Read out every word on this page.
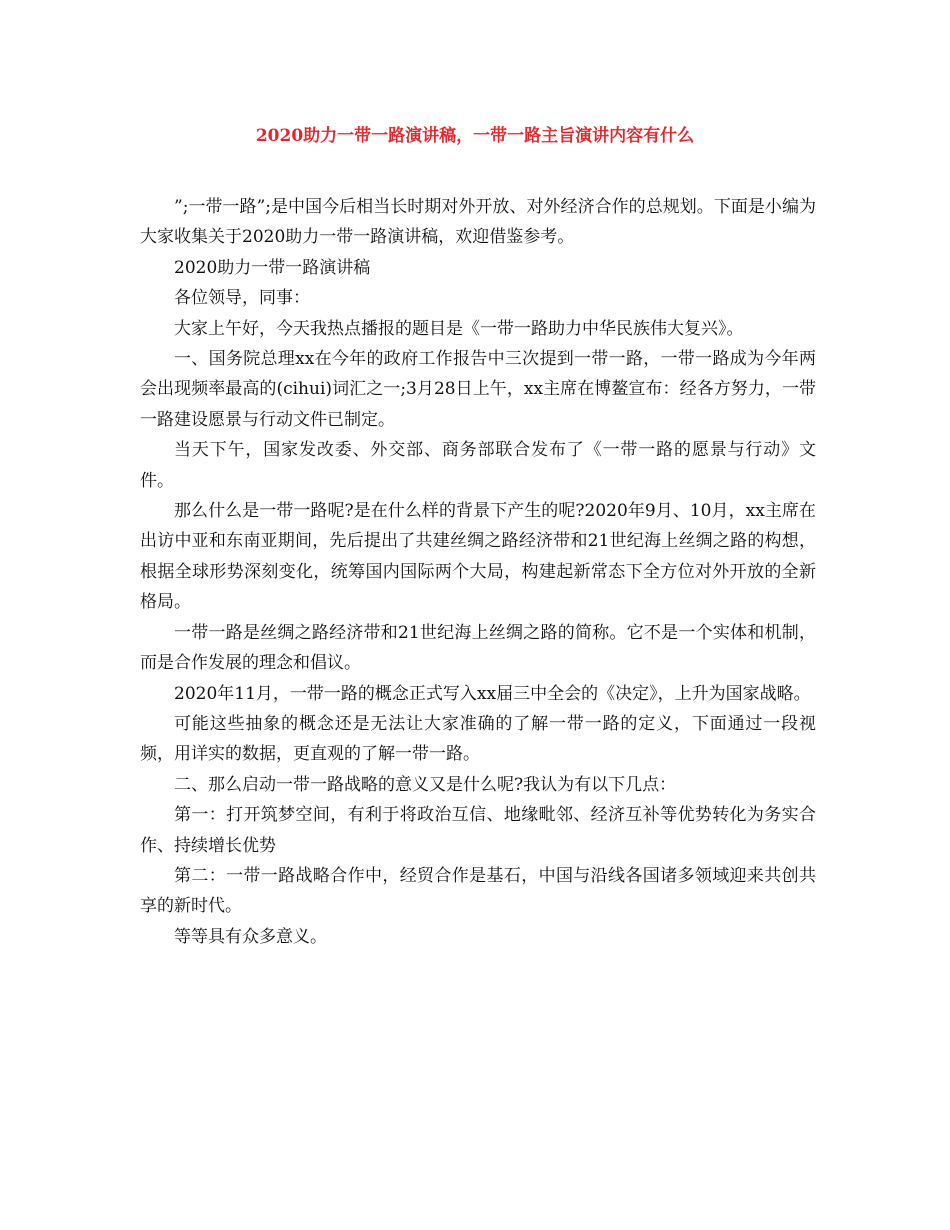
2020助力一带一路演讲稿，一带一路主旨演讲内容有什么

”;一带一路”;是中国今后相当长时期对外开放、对外经济合作的总规划。下面是小编为大家收集关于2020助力一带一路演讲稿，欢迎借鉴参考。

2020助力一带一路演讲稿

各位领导，同事：

大家上午好，今天我热点播报的题目是《一带一路助力中华民族伟大复兴》。

一、国务院总理xx在今年的政府工作报告中三次提到一带一路，一带一路成为今年两会出现频率最高的(cihui)词汇之一;3月28日上午，xx主席在博鳌宣布：经各方努力，一带一路建设愿景与行动文件已制定。

当天下午，国家发改委、外交部、商务部联合发布了《一带一路的愿景与行动》文件。

那么什么是一带一路呢?是在什么样的背景下产生的呢?2020年9月、10月，xx主席在出访中亚和东南亚期间，先后提出了共建丝绸之路经济带和21世纪海上丝绸之路的构想，根据全球形势深刻变化，统筹国内国际两个大局，构建起新常态下全方位对外开放的全新格局。

一带一路是丝绸之路经济带和21世纪海上丝绸之路的简称。它不是一个实体和机制，而是合作发展的理念和倡议。

2020年11月，一带一路的概念正式写入xx届三中全会的《决定》，上升为国家战略。

可能这些抽象的概念还是无法让大家准确的了解一带一路的定义，下面通过一段视频，用详实的数据，更直观的了解一带一路。

二、那么启动一带一路战略的意义又是什么呢?我认为有以下几点：

第一：打开筑梦空间，有利于将政治互信、地缘毗邻、经济互补等优势转化为务实合作、持续增长优势

第二：一带一路战略合作中，经贸合作是基石，中国与沿线各国诸多领域迎来共创共享的新时代。

等等具有众多意义。
